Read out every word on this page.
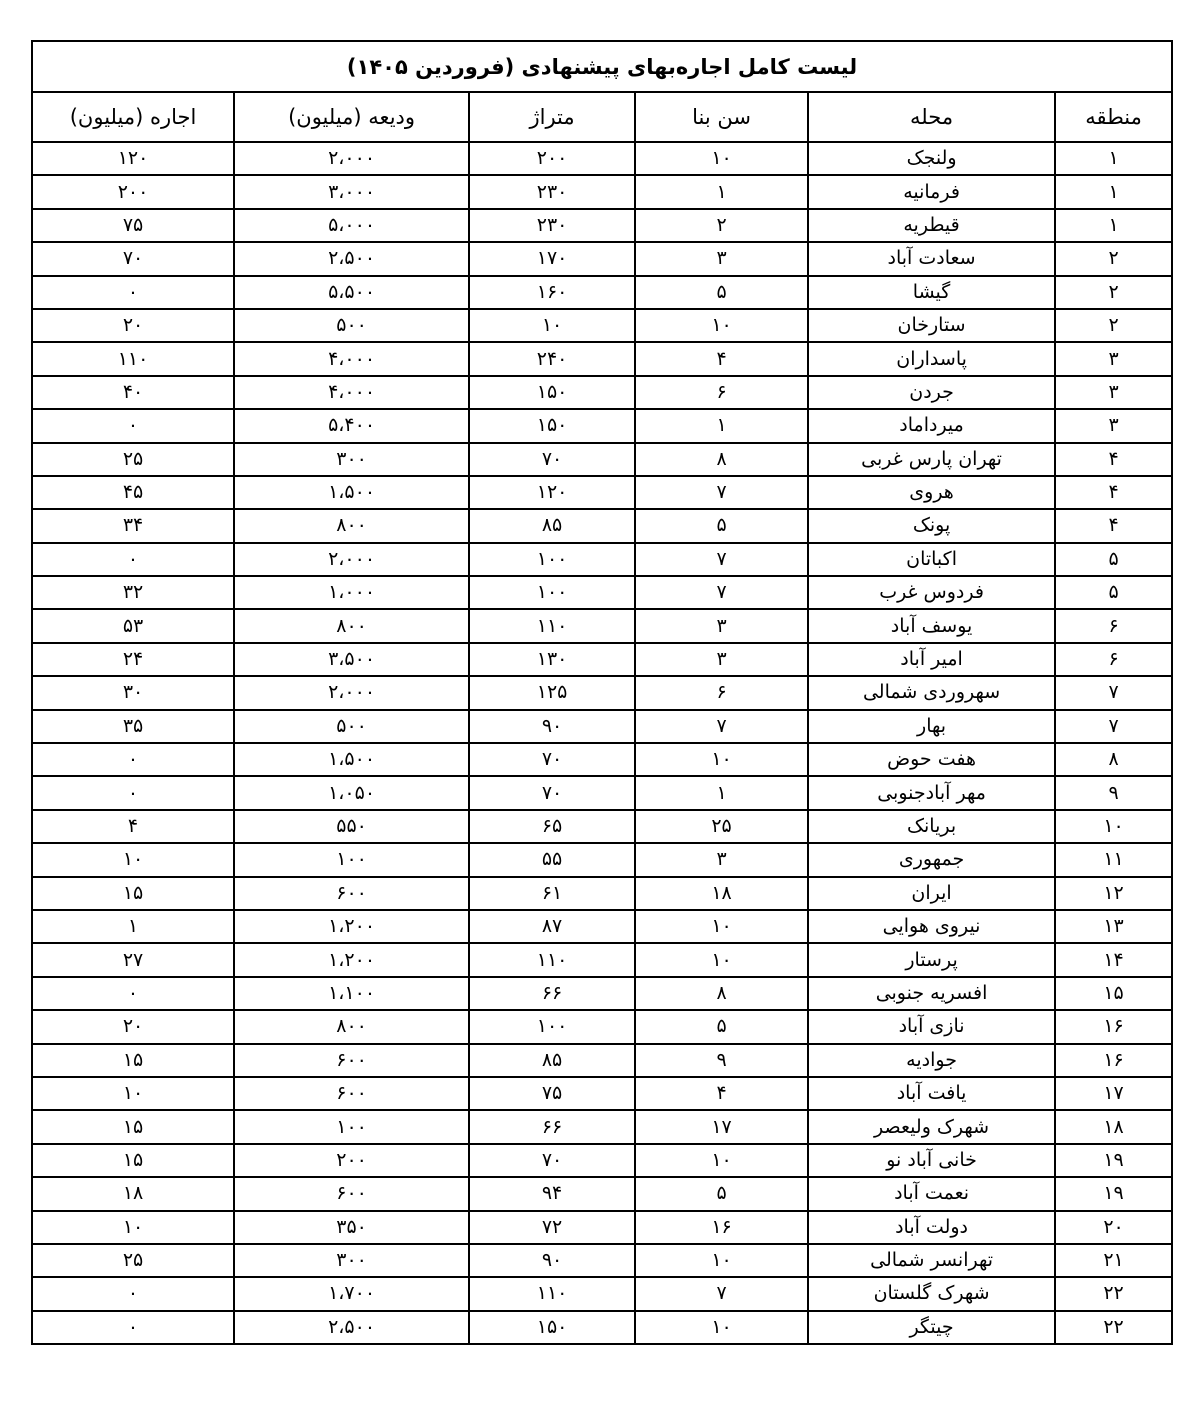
لیست کامل اجاره‌بهای پیشنهادی (فروردین ۱۴۰۵)					
منطقه	محله	سن بنا	متراژ	ودیعه (میلیون)	اجاره (میلیون)
۱	ولنجک	۱۰	۲۰۰	۲،۰۰۰	۱۲۰
۱	فرمانیه	۱	۲۳۰	۳،۰۰۰	۲۰۰
۱	قیطریه	۲	۲۳۰	۵،۰۰۰	۷۵
۲	سعادت آباد	۳	۱۷۰	۲،۵۰۰	۷۰
۲	گیشا	۵	۱۶۰	۵،۵۰۰	۰
۲	ستارخان	۱۰	۱۰	۵۰۰	۲۰
۳	پاسداران	۴	۲۴۰	۴،۰۰۰	۱۱۰
۳	جردن	۶	۱۵۰	۴،۰۰۰	۴۰
۳	میرداماد	۱	۱۵۰	۵،۴۰۰	۰
۴	تهران پارس غربی	۸	۷۰	۳۰۰	۲۵
۴	هروی	۷	۱۲۰	۱،۵۰۰	۴۵
۴	پونک	۵	۸۵	۸۰۰	۳۴
۵	اکباتان	۷	۱۰۰	۲،۰۰۰	۰
۵	فردوس غرب	۷	۱۰۰	۱،۰۰۰	۳۲
۶	یوسف آباد	۳	۱۱۰	۸۰۰	۵۳
۶	امیر آباد	۳	۱۳۰	۳،۵۰۰	۲۴
۷	سهروردی شمالی	۶	۱۲۵	۲،۰۰۰	۳۰
۷	بهار	۷	۹۰	۵۰۰	۳۵
۸	هفت حوض	۱۰	۷۰	۱،۵۰۰	۰
۹	مهر آبادجنوبی	۱	۷۰	۱،۰۵۰	۰
۱۰	بریانک	۲۵	۶۵	۵۵۰	۴
۱۱	جمهوری	۳	۵۵	۱۰۰	۱۰
۱۲	ایران	۱۸	۶۱	۶۰۰	۱۵
۱۳	نیروی هوایی	۱۰	۸۷	۱،۲۰۰	۱
۱۴	پرستار	۱۰	۱۱۰	۱،۲۰۰	۲۷
۱۵	افسریه جنوبی	۸	۶۶	۱،۱۰۰	۰
۱۶	نازی آباد	۵	۱۰۰	۸۰۰	۲۰
۱۶	جوادیه	۹	۸۵	۶۰۰	۱۵
۱۷	یافت آباد	۴	۷۵	۶۰۰	۱۰
۱۸	شهرک ولیعصر	۱۷	۶۶	۱۰۰	۱۵
۱۹	خانی آباد نو	۱۰	۷۰	۲۰۰	۱۵
۱۹	نعمت آباد	۵	۹۴	۶۰۰	۱۸
۲۰	دولت آباد	۱۶	۷۲	۳۵۰	۱۰
۲۱	تهرانسر شمالی	۱۰	۹۰	۳۰۰	۲۵
۲۲	شهرک گلستان	۷	۱۱۰	۱،۷۰۰	۰
۲۲	چیتگر	۱۰	۱۵۰	۲،۵۰۰	۰
